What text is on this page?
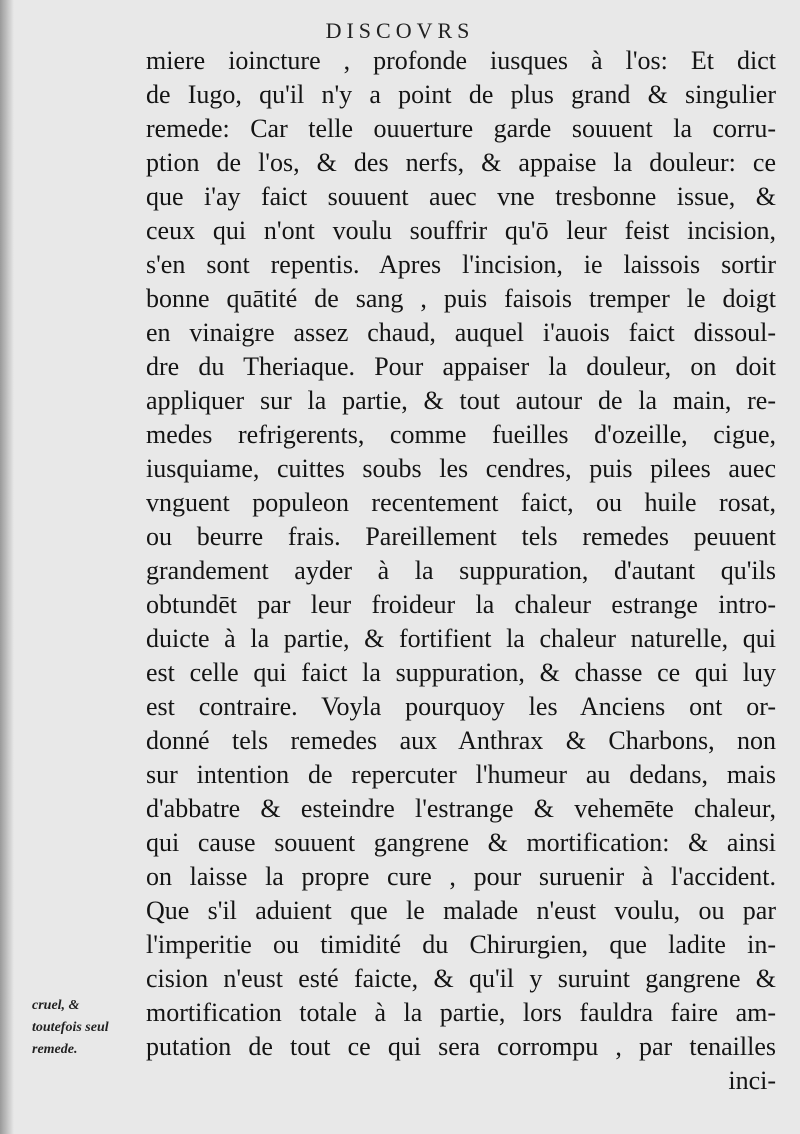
DISCOVRS
miere ioincture , profonde iusques à l'os: Et dict
de Iugo, qu'il n'y a point de plus grand & singulier
remede: Car telle ouuerture garde souuent la corru-
ption de l'os, & des nerfs, & appaise la douleur: ce
que i'ay faict souuent auec vne tresbonne issue, &
ceux qui n'ont voulu souffrir qu'ō leur feist incision,
s'en sont repentis. Apres l'incision, ie laissois sortir
bonne quātité de sang , puis faisois tremper le doigt
en vinaigre assez chaud, auquel i'auois faict dissoul-
dre du Theriaque. Pour appaiser la douleur, on doit
appliquer sur la partie, & tout autour de la main, re-
medes refrigerents, comme fueilles d'ozeille, cigue,
iusquiame, cuittes soubs les cendres, puis pilees auec
vnguent populeon recentement faict, ou huile rosat,
ou beurre frais. Pareillement tels remedes peuuent
grandement ayder à la suppuration, d'autant qu'ils
obtundēt par leur froideur la chaleur estrange intro-
duicte à la partie, & fortifient la chaleur naturelle, qui
est celle qui faict la suppuration, & chasse ce qui luy
est contraire. Voyla pourquoy les Anciens ont or-
donné tels remedes aux Anthrax & Charbons, non
sur intention de repercuter l'humeur au dedans, mais
d'abbatre & esteindre l'estrange & vehemēte chaleur,
qui cause souuent gangrene & mortification: & ainsi
on laisse la propre cure , pour suruenir à l'accident.
Que s'il aduient que le malade n'eust voulu, ou par
l'imperitie ou timidité du Chirurgien, que ladite in-
cision n'eust esté faicte, & qu'il y suruint gangrene &
mortification totale à la partie, lors fauldra faire am-
putation de tout ce qui sera corrompu , par tenailles
inci-
cruel, &
toutefois seul
remede.
